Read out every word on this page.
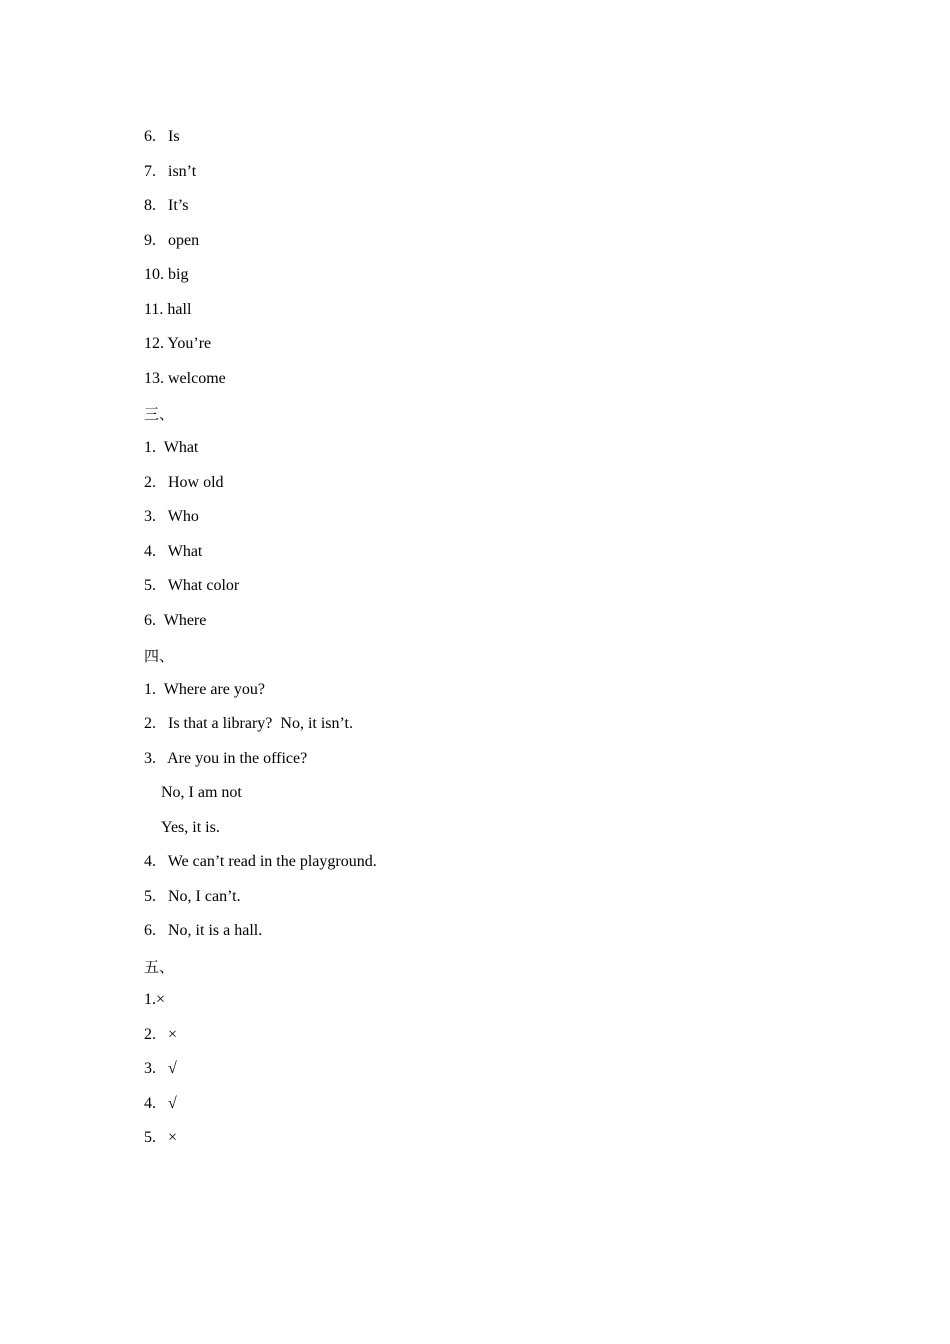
6.   Is
7.   isn’t
8.   It’s
9.   open
10. big
11. hall
12. You’re
13. welcome
三、
1.  What
2.   How old
3.   Who
4.   What
5.   What color
6.  Where
四、
1.  Where are you?
2.   Is that a library?  No, it isn’t.
3.   Are you in the office?
No, I am not
Yes, it is.
4.   We can’t read in the playground.
5.   No, I can’t.
6.   No, it is a hall.
五、
1.×
2.   ×
3.   √
4.   √
5.   ×
